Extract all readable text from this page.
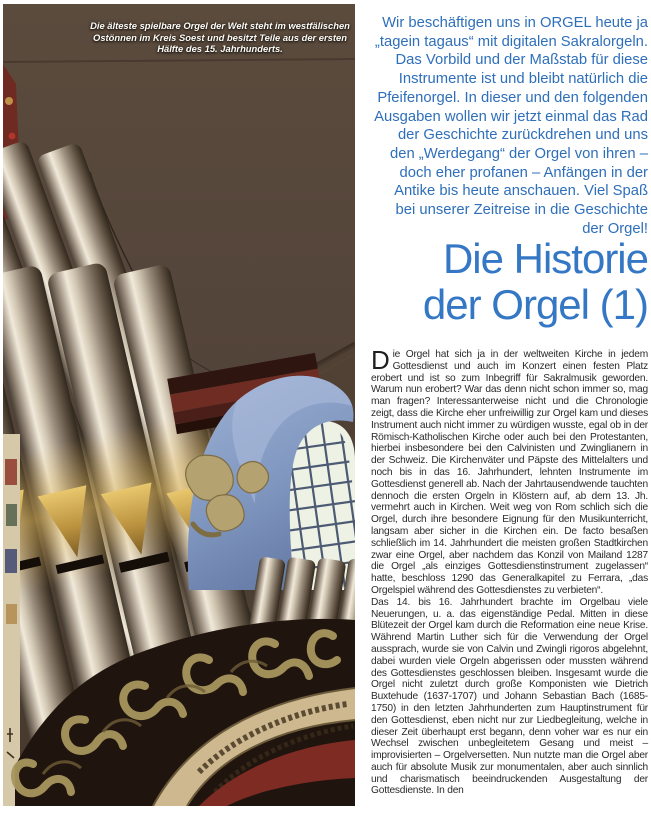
Die älteste spielbare Orgel der Welt steht im westfälischen Ostönnen im Kreis Soest und besitzt Teile aus der ersten Hälfte des 15. Jahrhunderts.
Wir beschäftigen uns in ORGEL heute ja „tagein tagaus“ mit digitalen Sakralorgeln. Das Vorbild und der Maßstab für diese Instrumente ist und bleibt natürlich die Pfeifenorgel. In dieser und den folgenden Ausgaben wollen wir jetzt einmal das Rad der Geschichte zurückdrehen und uns den „Werdegang“ der Orgel von ihren – doch eher profanen – Anfängen in der Antike bis heute anschauen. Viel Spaß bei unserer Zeitreise in die Geschichte der Orgel!
Die Historie
der Orgel (1)

Die Orgel hat sich ja in der weltweiten Kirche in jedem Gottesdienst und auch im Konzert einen festen Platz erobert und ist so zum Inbegriff für Sakralmusik geworden. Warum nun erobert? War das denn nicht schon immer so, mag man fragen? Interessanterweise nicht und die Chronologie zeigt, dass die Kirche eher unfreiwillig zur Orgel kam und dieses Instrument auch nicht immer zu würdigen wusste, egal ob in der Römisch-Katholischen Kirche oder auch bei den Protestanten, hierbei insbesondere bei den Calvinisten und Zwinglianern in der Schweiz. Die Kirchenväter und Päpste des Mittelalters und noch bis in das 16. Jahrhundert, lehnten Instrumente im Gottesdienst generell ab. Nach der Jahrtausendwende tauchten dennoch die ersten Orgeln in Klöstern auf, ab dem 13. Jh. vermehrt auch in Kirchen. Weit weg von Rom schlich sich die Orgel, durch ihre besondere Eignung für den Musikunterricht, langsam aber sicher in die Kirchen ein. De facto besaßen schließlich im 14. Jahrhundert die meisten großen Stadtkirchen zwar eine Orgel, aber nachdem das Konzil von Mailand 1287 die Orgel „als einziges Gottesdienstinstrument zugelassen“ hatte, beschloss 1290 das Generalkapitel zu Ferrara, „das Orgelspiel während des Gottesdienstes zu verbieten“.

Das 14. bis 16. Jahrhundert brachte im Orgelbau viele Neuerungen, u. a. das eigenständige Pedal. Mitten in diese Blütezeit der Orgel kam durch die Reformation eine neue Krise. Während Martin Luther sich für die Verwendung der Orgel aussprach, wurde sie von Calvin und Zwingli rigoros abgelehnt, dabei wurden viele Orgeln abgerissen oder mussten während des Gottesdienstes geschlossen bleiben. Insgesamt wurde die Orgel nicht zuletzt durch große Komponisten wie Dietrich Buxtehude (1637-1707) und Johann Sebastian Bach (1685-1750) in den letzten Jahrhunderten zum Hauptinstrument für den Gottesdienst, eben nicht nur zur Liedbegleitung, welche in dieser Zeit überhaupt erst begann, denn voher war es nur ein Wechsel zwischen unbegleitetem Gesang und meist – improvisierten – Orgelversetten. Nun nutzte man die Orgel aber auch für absolute Musik zur monumentalen, aber auch sinnlich und charismatisch beeindruckenden Ausgestaltung der Gottesdienste. In den
